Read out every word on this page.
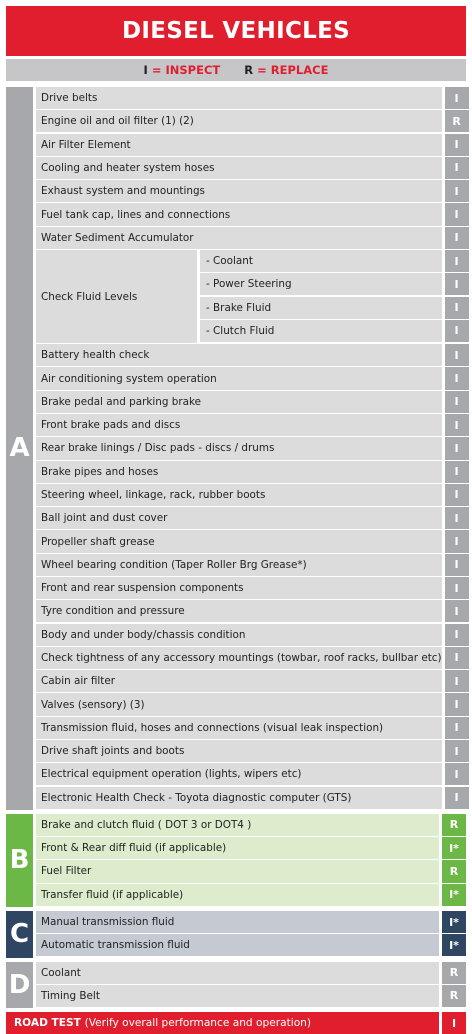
DIESEL VEHICLES
I = INSPECT R = REPLACE
A
Drive belts	I
Engine oil and oil filter (1) (2)	R
Air Filter Element	I
Cooling and heater system hoses	I
Exhaust system and mountings	I
Fuel tank cap, lines and connections	I
Water Sediment Accumulator	I
Check Fluid Levels
- Coolant	I
- Power Steering	I
- Brake Fluid	I
- Clutch Fluid	I
Battery health check	I
Air conditioning system operation	I
Brake pedal and parking brake	I
Front brake pads and discs	I
Rear brake linings / Disc pads - discs / drums	I
Brake pipes and hoses	I
Steering wheel, linkage, rack, rubber boots	I
Ball joint and dust cover	I
Propeller shaft grease	I
Wheel bearing condition (Taper Roller Brg Grease*)	I
Front and rear suspension components	I
Tyre condition and pressure	I
Body and under body/chassis condition	I
Check tightness of any accessory mountings (towbar, roof racks, bullbar etc)	I
Cabin air filter	I
Valves (sensory) (3)	I
Transmission fluid, hoses and connections (visual leak inspection)	I
Drive shaft joints and boots	I
Electrical equipment operation (lights, wipers etc)	I
Electronic Health Check - Toyota diagnostic computer (GTS)	I
B
Brake and clutch fluid ( DOT 3 or DOT4 )	R
Front & Rear diff fluid (if applicable)	I*
Fuel Filter	R
Transfer fluid (if applicable)	I*
C	Manual transmission fluid	I*
Automatic transmission fluid	I*
D	Coolant	R
Timing Belt	R
ROAD TEST
(Verify overall performance and operation)	I
